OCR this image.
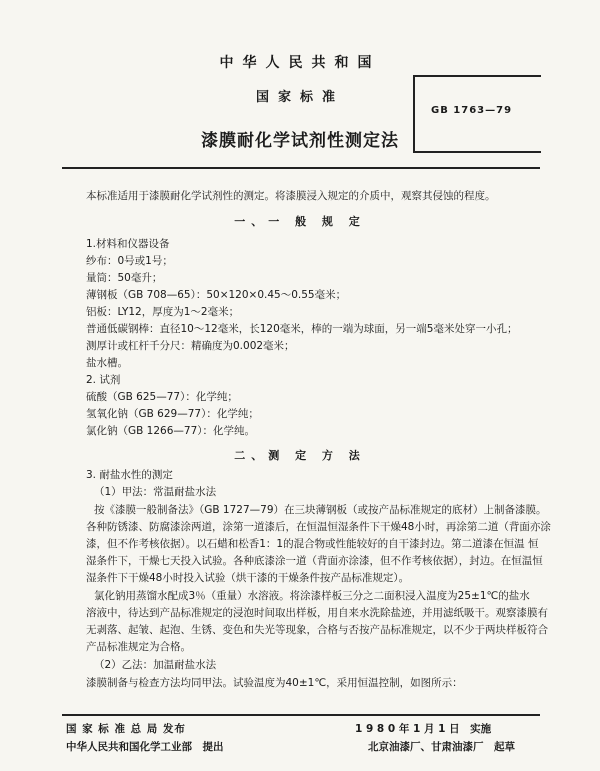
中华人民共和国
国家标准
漆膜耐化学试剂性测定法
GB 1763—79
本标准适用于漆膜耐化学试剂性的测定。将漆膜浸入规定的介质中，观察其侵蚀的程度。
一、一 般 规 定
1.材料和仪器设备
纱布：0号或1号；
量筒：50毫升；
薄钢板（GB 708—65）：50×120×0.45～0.55毫米；
铝板：LY12，厚度为1～2毫米；
普通低碳钢棒：直径10～12毫米，长120毫米，棒的一端为球面，另一端5毫米处穿一小孔；
测厚计或杠杆千分尺：精确度为0.002毫米；
盐水槽。
2. 试剂
硫酸（GB 625—77）：化学纯；
氢氧化钠（GB 629—77）：化学纯；
氯化钠（GB 1266—77）：化学纯。
二、测 定 方 法
3. 耐盐水性的测定
（1）甲法：常温耐盐水法
按《漆膜一般制备法》（GB 1727—79）在三块薄钢板（或按产品标准规定的底材）上制备漆膜。
各种防锈漆、防腐漆涂两道，涂第一道漆后，在恒温恒湿条件下干燥48小时，再涂第二道（背面亦涂
漆，但不作考核依据）。以石蜡和松香1：1的混合物或性能较好的自干漆封边。第二道漆在恒温 恒
湿条件下，干燥七天投入试验。各种底漆涂一道（背面亦涂漆，但不作考核依据），封边。在恒温恒
湿条件下干燥48小时投入试验（烘干漆的干燥条件按产品标准规定）。
氯化钠用蒸馏水配成3％（重量）水溶液。将涂漆样板三分之二面积浸入温度为25±1℃的盐水
溶液中，待达到产品标准规定的浸泡时间取出样板，用自来水洗除盐迹，并用滤纸吸干。观察漆膜有
无剥落、起皱、起泡、生锈、变色和失光等现象，合格与否按产品标准规定，以不少于两块样板符合
产品标准规定为合格。
（2）乙法：加温耐盐水法
漆膜制备与检查方法均同甲法。试验温度为40±1℃，采用恒温控制，如图所示：
国 家 标 准 总 局 发布
中华人民共和国化学工业部　提出
1 9 8 0 年 1 月 1 日　实施
北京油漆厂、甘肃油漆厂　起草
